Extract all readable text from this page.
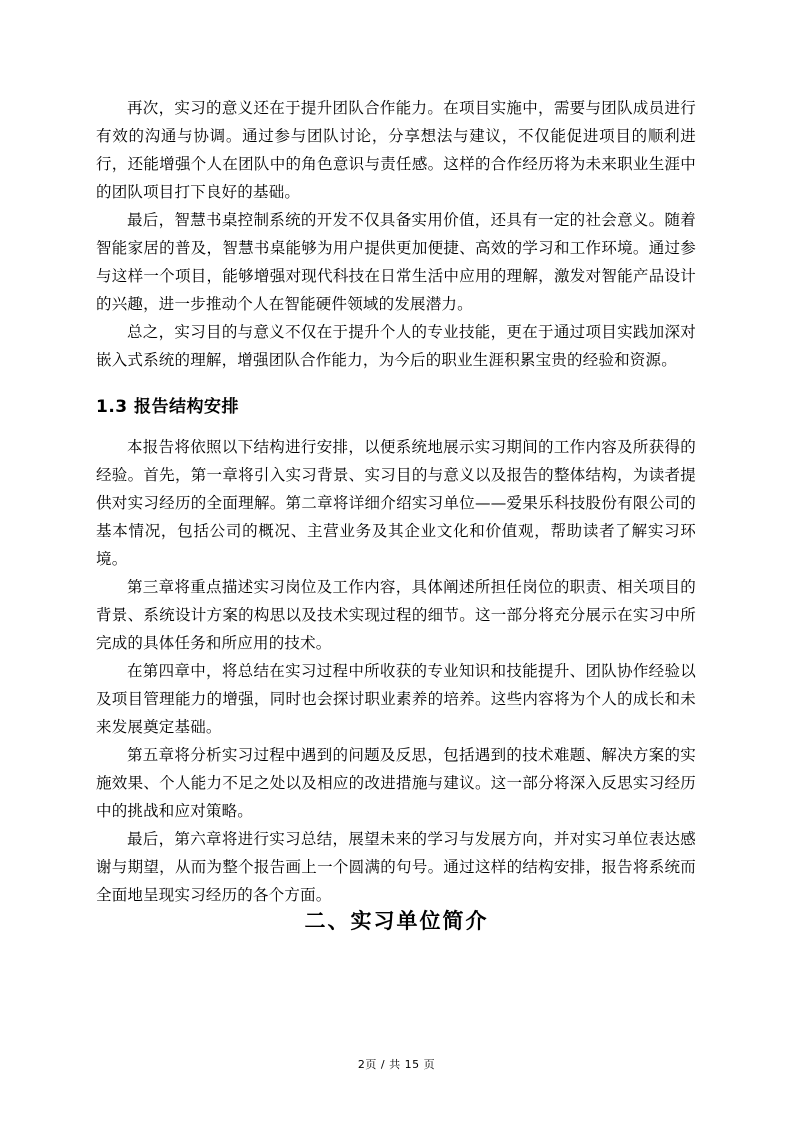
再次，实习的意义还在于提升团队合作能力。在项目实施中，需要与团队成员进行有效的沟通与协调。通过参与团队讨论，分享想法与建议，不仅能促进项目的顺利进行，还能增强个人在团队中的角色意识与责任感。这样的合作经历将为未来职业生涯中的团队项目打下良好的基础。

最后，智慧书桌控制系统的开发不仅具备实用价值，还具有一定的社会意义。随着智能家居的普及，智慧书桌能够为用户提供更加便捷、高效的学习和工作环境。通过参与这样一个项目，能够增强对现代科技在日常生活中应用的理解，激发对智能产品设计的兴趣，进一步推动个人在智能硬件领域的发展潜力。

总之，实习目的与意义不仅在于提升个人的专业技能，更在于通过项目实践加深对嵌入式系统的理解，增强团队合作能力，为今后的职业生涯积累宝贵的经验和资源。

1.3 报告结构安排

本报告将依照以下结构进行安排，以便系统地展示实习期间的工作内容及所获得的经验。首先，第一章将引入实习背景、实习目的与意义以及报告的整体结构，为读者提供对实习经历的全面理解。第二章将详细介绍实习单位——爱果乐科技股份有限公司的基本情况，包括公司的概况、主营业务及其企业文化和价值观，帮助读者了解实习环境。

第三章将重点描述实习岗位及工作内容，具体阐述所担任岗位的职责、相关项目的背景、系统设计方案的构思以及技术实现过程的细节。这一部分将充分展示在实习中所完成的具体任务和所应用的技术。

在第四章中，将总结在实习过程中所收获的专业知识和技能提升、团队协作经验以及项目管理能力的增强，同时也会探讨职业素养的培养。这些内容将为个人的成长和未来发展奠定基础。

第五章将分析实习过程中遇到的问题及反思，包括遇到的技术难题、解决方案的实施效果、个人能力不足之处以及相应的改进措施与建议。这一部分将深入反思实习经历中的挑战和应对策略。

最后，第六章将进行实习总结，展望未来的学习与发展方向，并对实习单位表达感谢与期望，从而为整个报告画上一个圆满的句号。通过这样的结构安排，报告将系统而全面地呈现实习经历的各个方面。

二、实习单位简介
2页 / 共 15 页
